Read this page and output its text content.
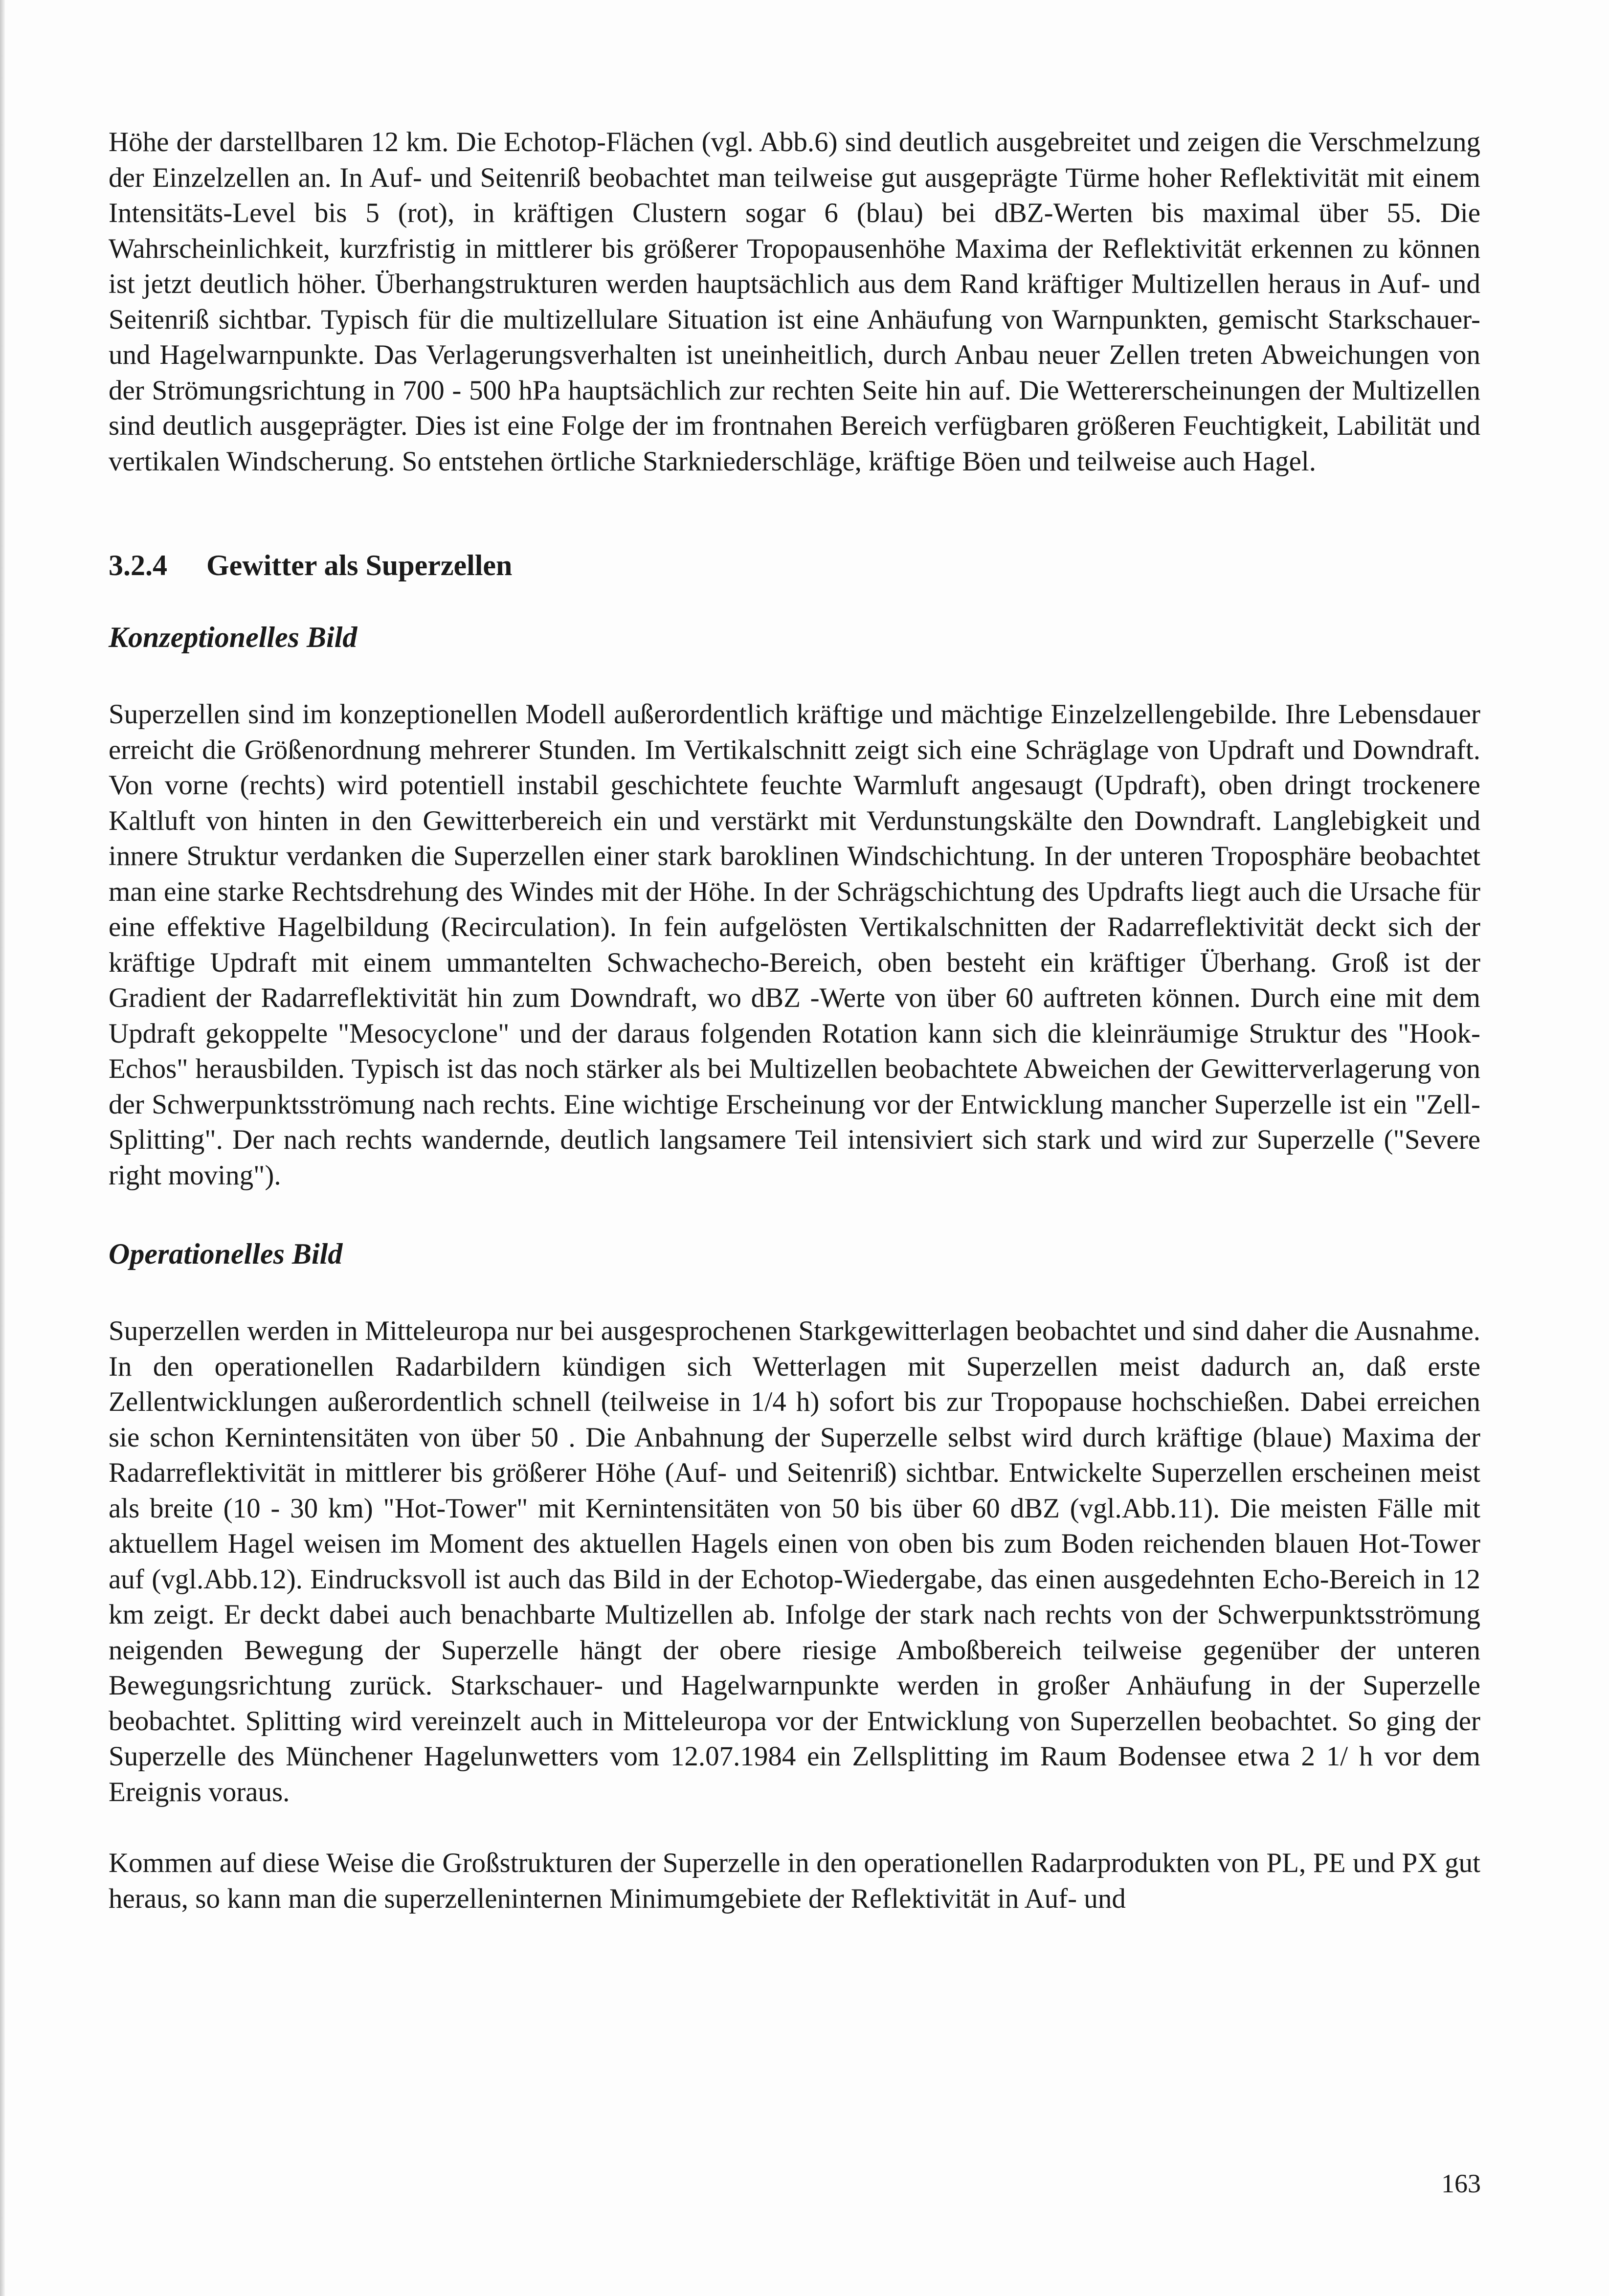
Höhe der darstellbaren 12 km. Die Echotop-Flächen (vgl. Abb.6) sind deutlich ausgebreitet und zeigen die Verschmelzung der Einzelzellen an. In Auf- und Seitenriß beobachtet man teilweise gut ausgeprägte Türme hoher Reflektivität mit einem Intensitäts-Level bis 5 (rot), in kräftigen Clustern sogar 6 (blau) bei dBZ-Werten bis maximal über 55. Die Wahrscheinlichkeit, kurzfristig in mittlerer bis größerer Tropopausenhöhe Maxima der Reflektivität erkennen zu können ist jetzt deutlich höher. Überhangstrukturen werden hauptsächlich aus dem Rand kräftiger Multizellen heraus in Auf- und Seitenriß sichtbar. Typisch für die multizellulare Situation ist eine Anhäufung von Warnpunkten, gemischt Starkschauer- und Hagelwarnpunkte. Das Verlagerungsverhalten ist uneinheitlich, durch Anbau neuer Zellen treten Abweichungen von der Strömungsrichtung in 700 - 500 hPa hauptsächlich zur rechten Seite hin auf. Die Wettererscheinungen der Multizellen sind deutlich ausgeprägter. Dies ist eine Folge der im frontnahen Bereich verfügbaren größeren Feuchtigkeit, Labilität und vertikalen Windscherung. So entstehen örtliche Starkniederschläge, kräftige Böen und teilweise auch Hagel.

3.2.4 Gewitter als Superzellen
Konzeptionelles Bild

Superzellen sind im konzeptionellen Modell außerordentlich kräftige und mächtige Einzelzellengebilde. Ihre Lebensdauer erreicht die Größenordnung mehrerer Stunden. Im Vertikalschnitt zeigt sich eine Schräglage von Updraft und Downdraft. Von vorne (rechts) wird potentiell instabil geschichtete feuchte Warmluft angesaugt (Updraft), oben dringt trockenere Kaltluft von hinten in den Gewitterbereich ein und verstärkt mit Verdunstungskälte den Downdraft. Langlebigkeit und innere Struktur verdanken die Superzellen einer stark baroklinen Windschichtung. In der unteren Troposphäre beobachtet man eine starke Rechtsdrehung des Windes mit der Höhe. In der Schrägschichtung des Updrafts liegt auch die Ursache für eine effektive Hagelbildung (Recirculation). In fein aufgelösten Vertikalschnitten der Radarreflektivität deckt sich der kräftige Updraft mit einem ummantelten Schwachecho-Bereich, oben besteht ein kräftiger Überhang. Groß ist der Gradient der Radarreflektivität hin zum Downdraft, wo dBZ -Werte von über 60 auftreten können. Durch eine mit dem Updraft gekoppelte "Mesocyclone" und der daraus folgenden Rotation kann sich die kleinräumige Struktur des "Hook-Echos" herausbilden. Typisch ist das noch stärker als bei Multizellen beobachtete Abweichen der Gewitterverlagerung von der Schwerpunktsströmung nach rechts. Eine wichtige Erscheinung vor der Entwicklung mancher Superzelle ist ein "Zell-Splitting". Der nach rechts wandernde, deutlich langsamere Teil intensiviert sich stark und wird zur Superzelle ("Severe right moving").

Operationelles Bild

Superzellen werden in Mitteleuropa nur bei ausgesprochenen Starkgewitterlagen beobachtet und sind daher die Ausnahme. In den operationellen Radarbildern kündigen sich Wetterlagen mit Superzellen meist dadurch an, daß erste Zellentwicklungen außerordentlich schnell (teilweise in 1/4 h) sofort bis zur Tropopause hochschießen. Dabei erreichen sie schon Kernintensitäten von über 50 . Die Anbahnung der Superzelle selbst wird durch kräftige (blaue) Maxima der Radarreflektivität in mittlerer bis größerer Höhe (Auf- und Seitenriß) sichtbar. Entwickelte Superzellen erscheinen meist als breite (10 - 30 km) "Hot-Tower" mit Kernintensitäten von 50 bis über 60 dBZ (vgl.Abb.11). Die meisten Fälle mit aktuellem Hagel weisen im Moment des aktuellen Hagels einen von oben bis zum Boden reichenden blauen Hot-Tower auf (vgl.Abb.12). Eindrucksvoll ist auch das Bild in der Echotop-Wiedergabe, das einen ausgedehnten Echo-Bereich in 12 km zeigt. Er deckt dabei auch benachbarte Multizellen ab. Infolge der stark nach rechts von der Schwerpunktsströmung neigenden Bewegung der Superzelle hängt der obere riesige Amboßbereich teilweise gegenüber der unteren Bewegungsrichtung zurück. Starkschauer- und Hagelwarnpunkte werden in großer Anhäufung in der Superzelle beobachtet. Splitting wird vereinzelt auch in Mitteleuropa vor der Entwicklung von Superzellen beobachtet. So ging der Superzelle des Münchener Hagelunwetters vom 12.07.1984 ein Zellsplitting im Raum Bodensee etwa 2 1/ h vor dem Ereignis voraus.

Kommen auf diese Weise die Großstrukturen der Superzelle in den operationellen Radarprodukten von PL, PE und PX gut heraus, so kann man die superzelleninternen Minimumgebiete der Reflektivität in Auf- und

163
